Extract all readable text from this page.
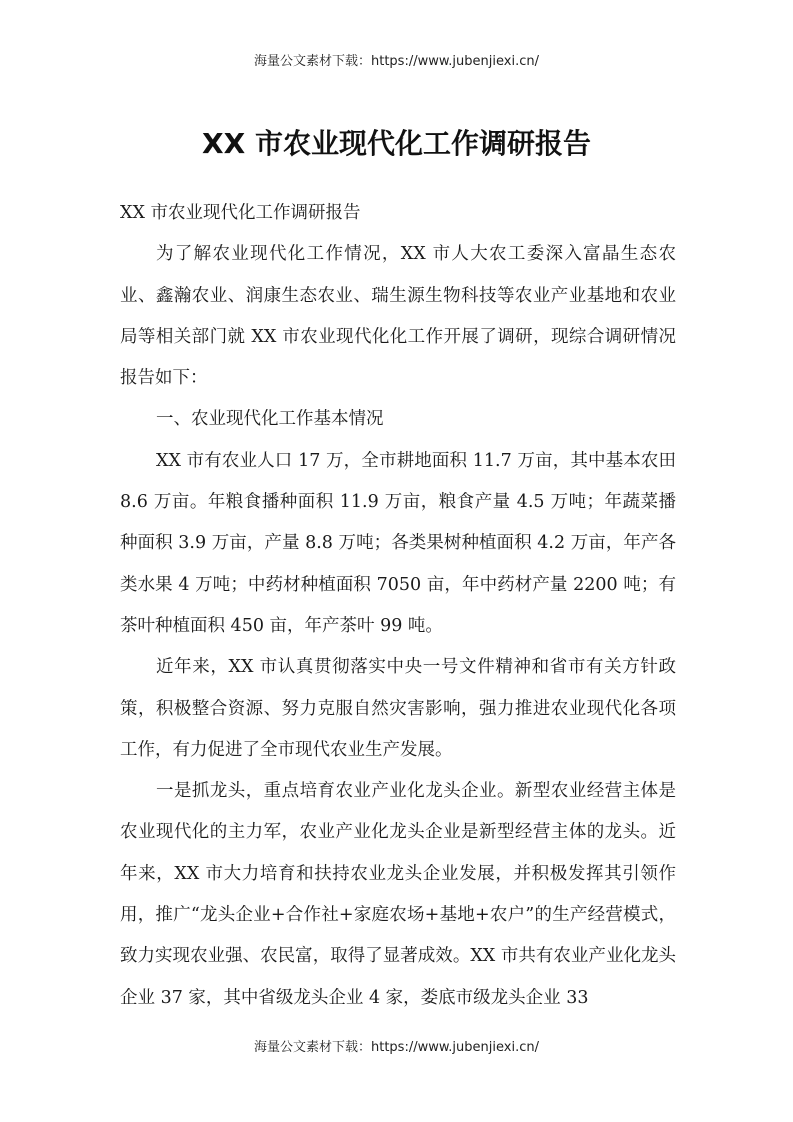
海量公文素材下载：https://www.jubenjiexi.cn/
XX 市农业现代化工作调研报告

XX 市农业现代化工作调研报告

为了解农业现代化工作情况，XX 市人大农工委深入富晶生态农业、鑫瀚农业、润康生态农业、瑞生源生物科技等农业产业基地和农业局等相关部门就 XX 市农业现代化化工作开展了调研，现综合调研情况报告如下：

一、农业现代化工作基本情况

XX 市有农业人口 17 万，全市耕地面积 11.7 万亩，其中基本农田 8.6 万亩。年粮食播种面积 11.9 万亩，粮食产量 4.5 万吨；年蔬菜播种面积 3.9 万亩，产量 8.8 万吨；各类果树种植面积 4.2 万亩，年产各类水果 4 万吨；中药材种植面积 7050 亩，年中药材产量 2200 吨；有茶叶种植面积 450 亩，年产茶叶 99 吨。

近年来，XX 市认真贯彻落实中央一号文件精神和省市有关方针政策，积极整合资源、努力克服自然灾害影响，强力推进农业现代化各项工作，有力促进了全市现代农业生产发展。

一是抓龙头，重点培育农业产业化龙头企业。新型农业经营主体是农业现代化的主力军，农业产业化龙头企业是新型经营主体的龙头。近年来，XX 市大力培育和扶持农业龙头企业发展，并积极发挥其引领作用，推广“龙头企业+合作社+家庭农场+基地+农户”的生产经营模式，致力实现农业强、农民富，取得了显著成效。XX 市共有农业产业化龙头企业 37 家，其中省级龙头企业 4 家，娄底市级龙头企业 33

海量公文素材下载：https://www.jubenjiexi.cn/
